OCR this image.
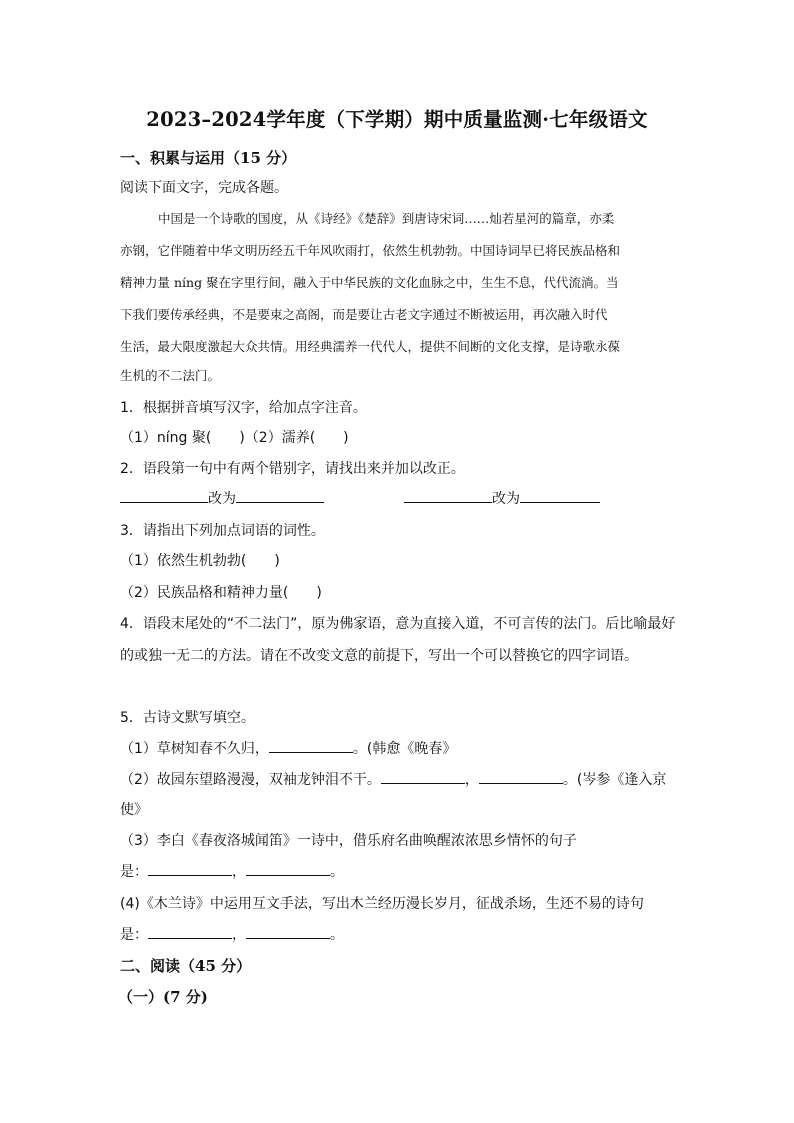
2023–2024学年度（下学期）期中质量监测·七年级语文
一、积累与运用（15 分）
阅读下面文字，完成各题。
中国是一个诗歌的国度，从《诗经》《楚辞》到唐诗宋词……灿若星河的篇章，亦柔
亦钢，它伴随着中华文明历经五千年风吹雨打，依然生机勃勃。中国诗词早已将民族品格和
精神力量 níng 聚在字里行间，融入于中华民族的文化血脉之中，生生不息，代代流淌。当
下我们要传承经典，不是要束之高阁，而是要让古老文字通过不断被运用，再次融入时代
生活，最大限度激起大众共情。用经典濡养一代代人，提供不间断的文化支撑，是诗歌永葆
生机的不二法门。
1．根据拼音填写汉字，给加点字注音。
（1）níng 聚(　　)（2）濡养(　　)
2．语段第一句中有两个错别字，请找出来并加以改正。
改为	改为
3．请指出下列加点词语的词性。
（1）依然生机勃勃(　　)
（2）民族品格和精神力量(　　)
4．语段末尾处的“不二法门”，原为佛家语，意为直接入道，不可言传的法门。后比喻最好
的或独一无二的方法。请在不改变文意的前提下，写出一个可以替换它的四字词语。
5．古诗文默写填空。
（1）草树知春不久归，	。(韩愈《晚春》
（2）故园东望路漫漫，双袖龙钟泪不干。	，	。(岑参《逢入京
使》
（3）李白《春夜洛城闻笛》一诗中，借乐府名曲唤醒浓浓思乡情怀的句子
是：	，	。
(4)《木兰诗》中运用互文手法，写出木兰经历漫长岁月，征战杀场，生还不易的诗句
是：	，	。
二、阅读（45 分）
（一）(7 分)
